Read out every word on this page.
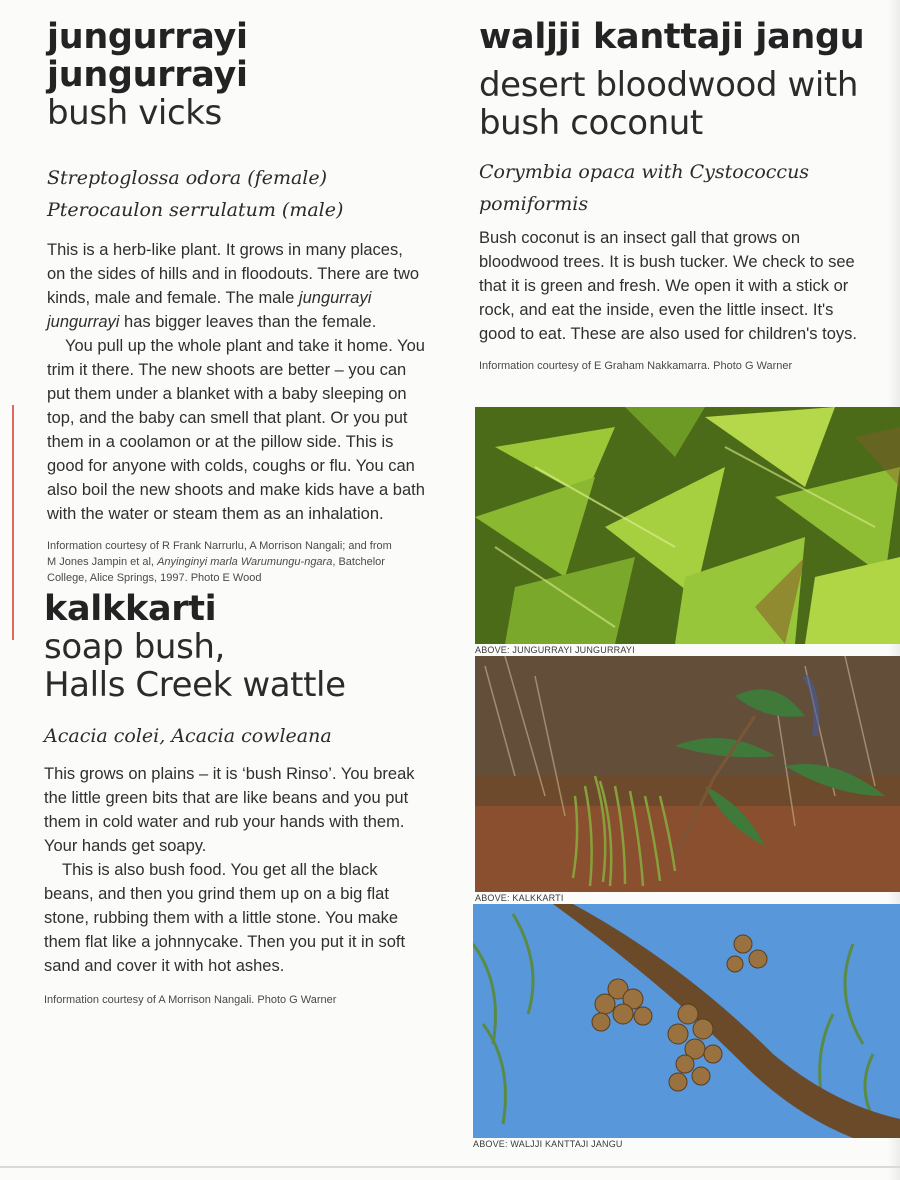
jungurrayi jungurrayi
bush vicks

Streptoglossa odora (female)

Pterocaulon serrulatum (male)

This is a herb-like plant. It grows in many places,
on the sides of hills and in floodouts. There are two
kinds, male and female. The male jungurrayi
jungurrayi has bigger leaves than the female.

You pull up the whole plant and take it home. You
trim it there. The new shoots are better – you can
put them under a blanket with a baby sleeping on
top, and the baby can smell that plant. Or you put
them in a coolamon or at the pillow side. This is
good for anyone with colds, coughs or flu. You can
also boil the new shoots and make kids have a bath
with the water or steam them as an inhalation.

Information courtesy of R Frank Narrurlu, A Morrison Nangali; and from
M Jones Jampin et al, Anyinginyi marla Warumungu-ngara, Batchelor
College, Alice Springs, 1997. Photo E Wood

kalkkarti
soap bush,
Halls Creek wattle

Acacia colei, Acacia cowleana

This grows on plains – it is ‘bush Rinso’. You break
the little green bits that are like beans and you put
them in cold water and rub your hands with them.
Your hands get soapy.

This is also bush food. You get all the black
beans, and then you grind them up on a big flat
stone, rubbing them with a little stone. You make
them flat like a johnnycake. Then you put it in soft
sand and cover it with hot ashes.

Information courtesy of A Morrison Nangali. Photo G Warner

waljji kanttaji jangu
desert bloodwood with
bush coconut

Corymbia opaca with Cystococcus

pomiformis

Bush coconut is an insect gall that grows on
bloodwood trees. It is bush tucker. We check to see
that it is green and fresh. We open it with a stick or
rock, and eat the inside, even the little insect. It's
good to eat. These are also used for children's toys.

Information courtesy of E Graham Nakkamarra. Photo G Warner

ABOVE: JUNGURRAYI JUNGURRAYI
ABOVE: KALKKARTI
ABOVE: WALJJI KANTTAJI JANGU
